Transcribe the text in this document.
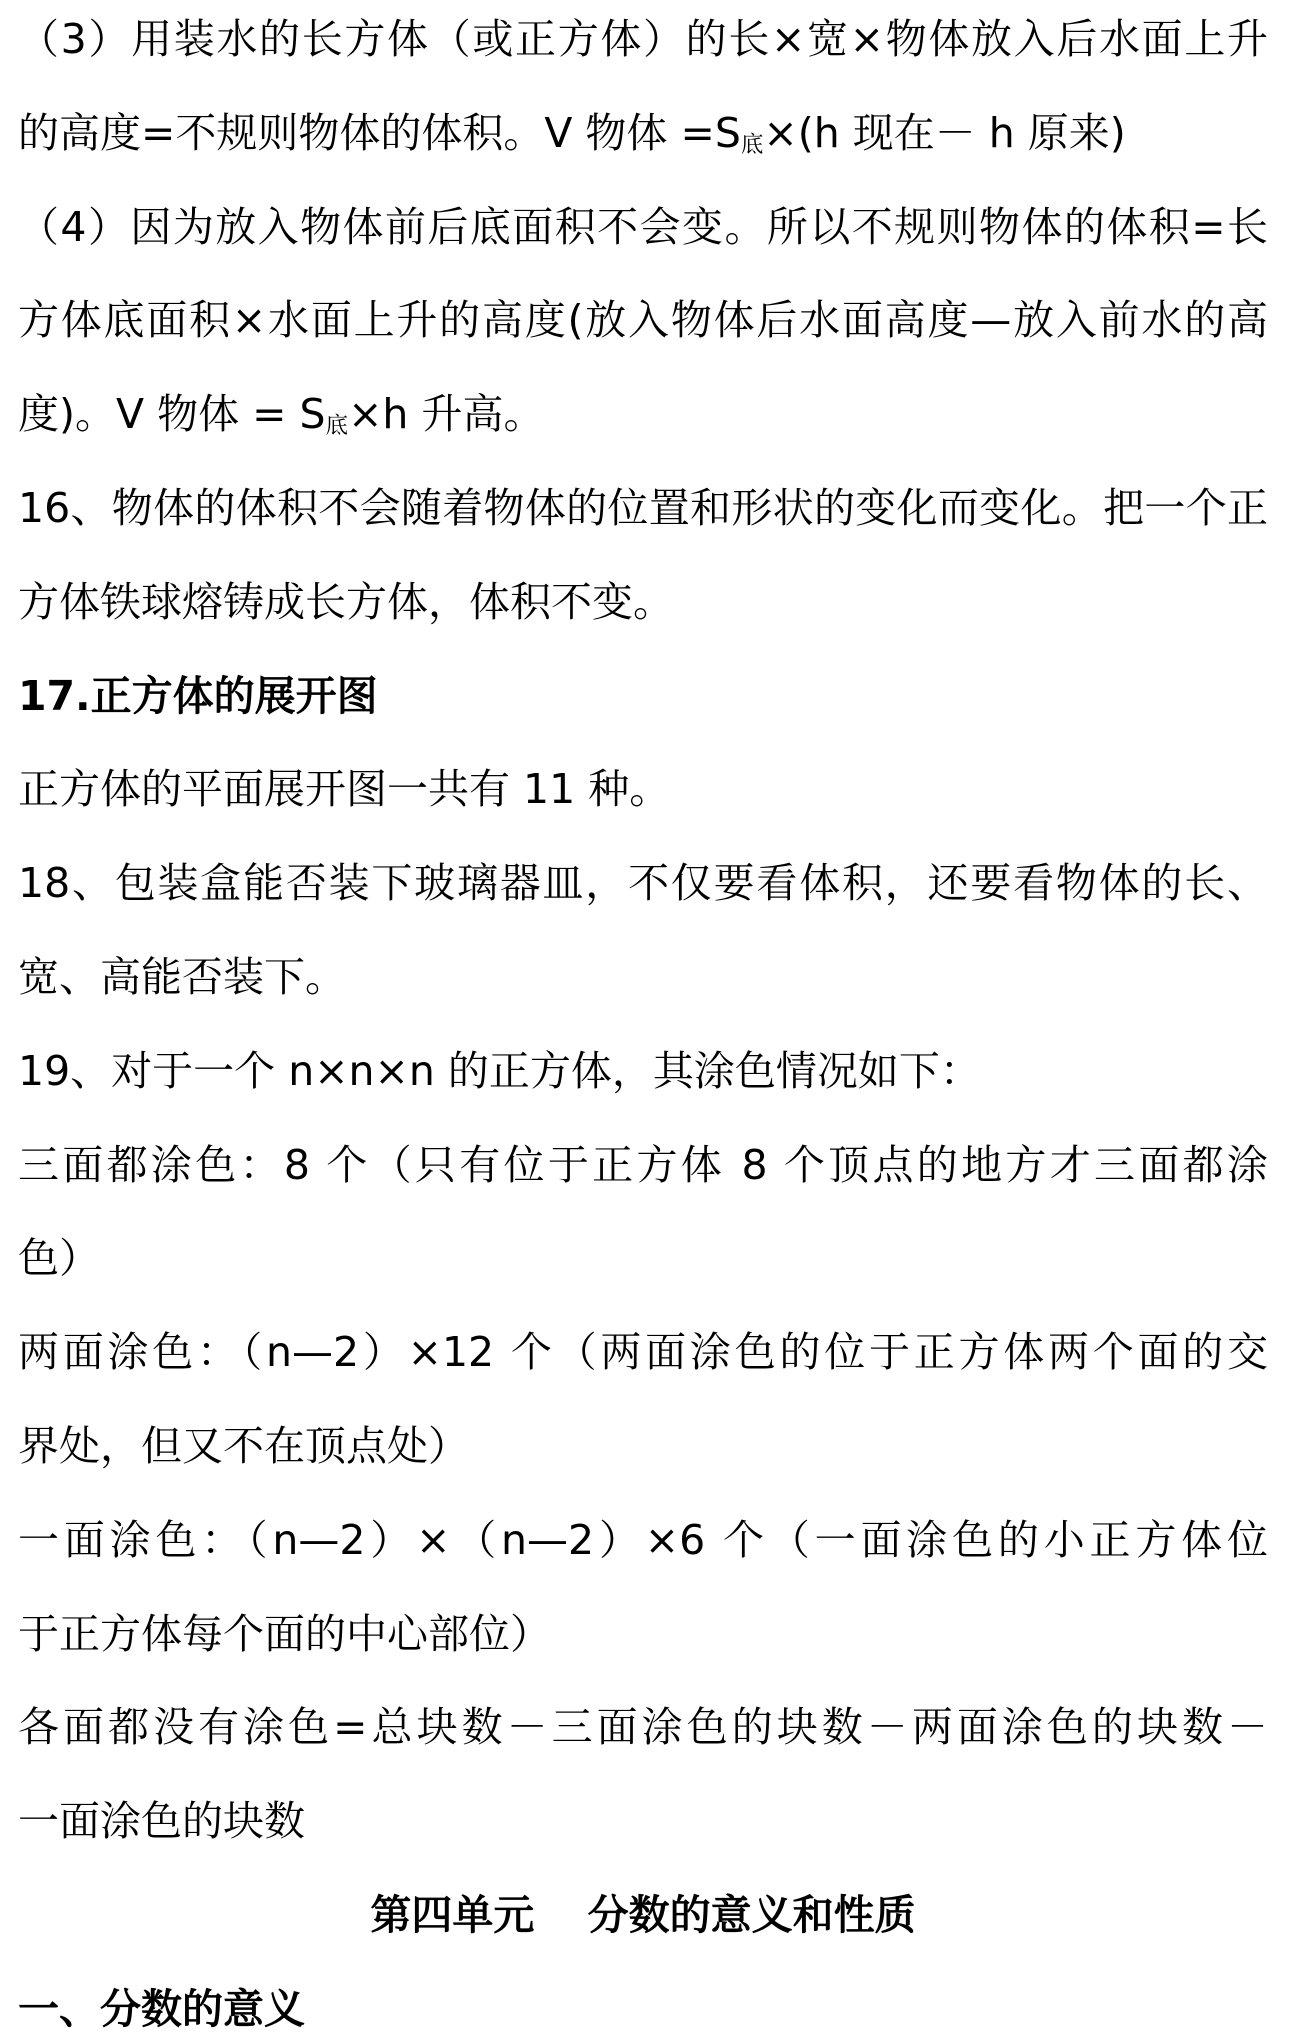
（3）用装水的长方体（或正方体）的长×宽×物体放入后水面上升
的高度=不规则物体的体积。V 物体 $=S_底\times(h$ 现在－ h 原来)
（4）因为放入物体前后底面积不会变。所以不规则物体的体积=长
方体底面积×水面上升的高度(放入物体后水面高度—放入前水的高
度)。V 物体 = $S_底\times h$ 升高。
16、物体的体积不会随着物体的位置和形状的变化而变化。把一个正
方体铁球熔铸成长方体，体积不变。
17.正方体的展开图
正方体的平面展开图一共有 11 种。
18、包装盒能否装下玻璃器皿，不仅要看体积，还要看物体的长、
宽、高能否装下。
19、对于一个 n×n×n 的正方体，其涂色情况如下：
三面都涂色：8 个（只有位于正方体 8 个顶点的地方才三面都涂
色）
两面涂色：（n—2）×12 个（两面涂色的位于正方体两个面的交
界处，但又不在顶点处）
一面涂色：（n—2）×（n—2）×6 个（一面涂色的小正方体位
于正方体每个面的中心部位）
各面都没有涂色=总块数－三面涂色的块数－两面涂色的块数－
一面涂色的块数
第四单元 分数的意义和性质
一、分数的意义
